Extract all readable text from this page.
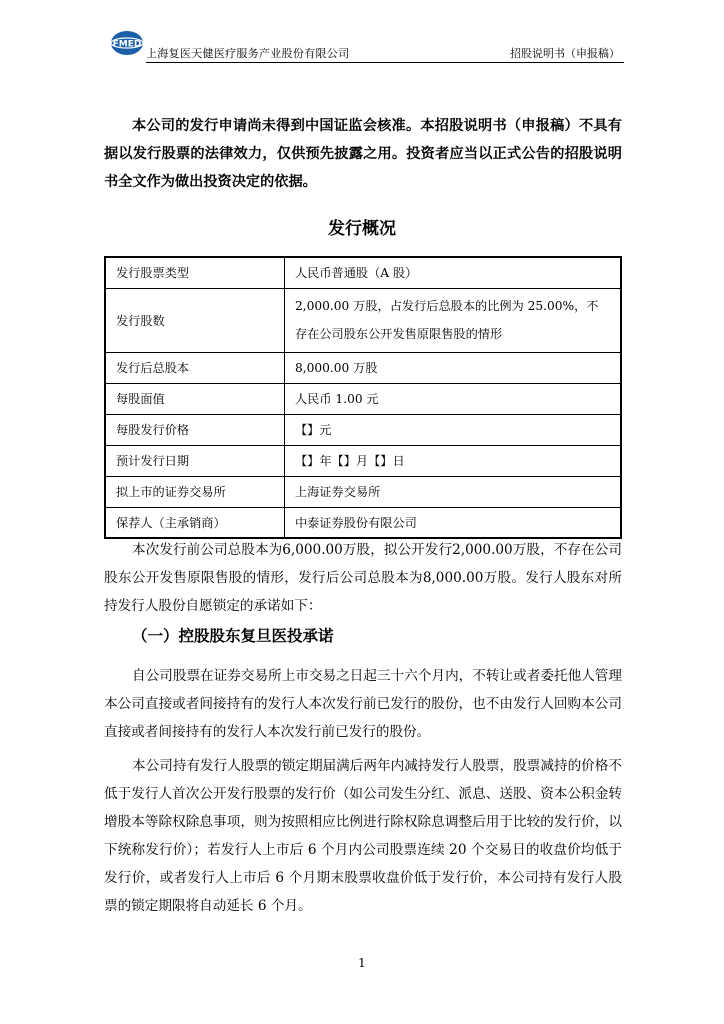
FMED
上海复医天健医疗服务产业股份有限公司	招股说明书（申报稿）

本公司的发行申请尚未得到中国证监会核准。本招股说明书（申报稿）不具有据以发行股票的法律效力，仅供预先披露之用。投资者应当以正式公告的招股说明书全文作为做出投资决定的依据。

发行概况
发行股票类型	人民币普通股（A 股）
发行股数	2,000.00 万股，占发行后总股本的比例为 25.00%，不存在公司股东公开发售原限售股的情形
发行后总股本	8,000.00 万股
每股面值	人民币 1.00 元
每股发行价格	【】元
预计发行日期	【】年【】月【】日
拟上市的证券交易所	上海证券交易所
保荐人（主承销商）	中泰证券股份有限公司

本次发行前公司总股本为6,000.00万股，拟公开发行2,000.00万股，不存在公司股东公开发售原限售股的情形，发行后公司总股本为8,000.00万股。发行人股东对所持发行人股份自愿锁定的承诺如下：

（一）控股股东复旦医投承诺

自公司股票在证券交易所上市交易之日起三十六个月内，不转让或者委托他人管理本公司直接或者间接持有的发行人本次发行前已发行的股份，也不由发行人回购本公司直接或者间接持有的发行人本次发行前已发行的股份。

本公司持有发行人股票的锁定期届满后两年内减持发行人股票，股票减持的价格不低于发行人首次公开发行股票的发行价（如公司发生分红、派息、送股、资本公积金转增股本等除权除息事项，则为按照相应比例进行除权除息调整后用于比较的发行价，以下统称发行价）；若发行人上市后 6 个月内公司股票连续 20 个交易日的收盘价均低于发行价，或者发行人上市后 6 个月期末股票收盘价低于发行价，本公司持有发行人股票的锁定期限将自动延长 6 个月。

1
